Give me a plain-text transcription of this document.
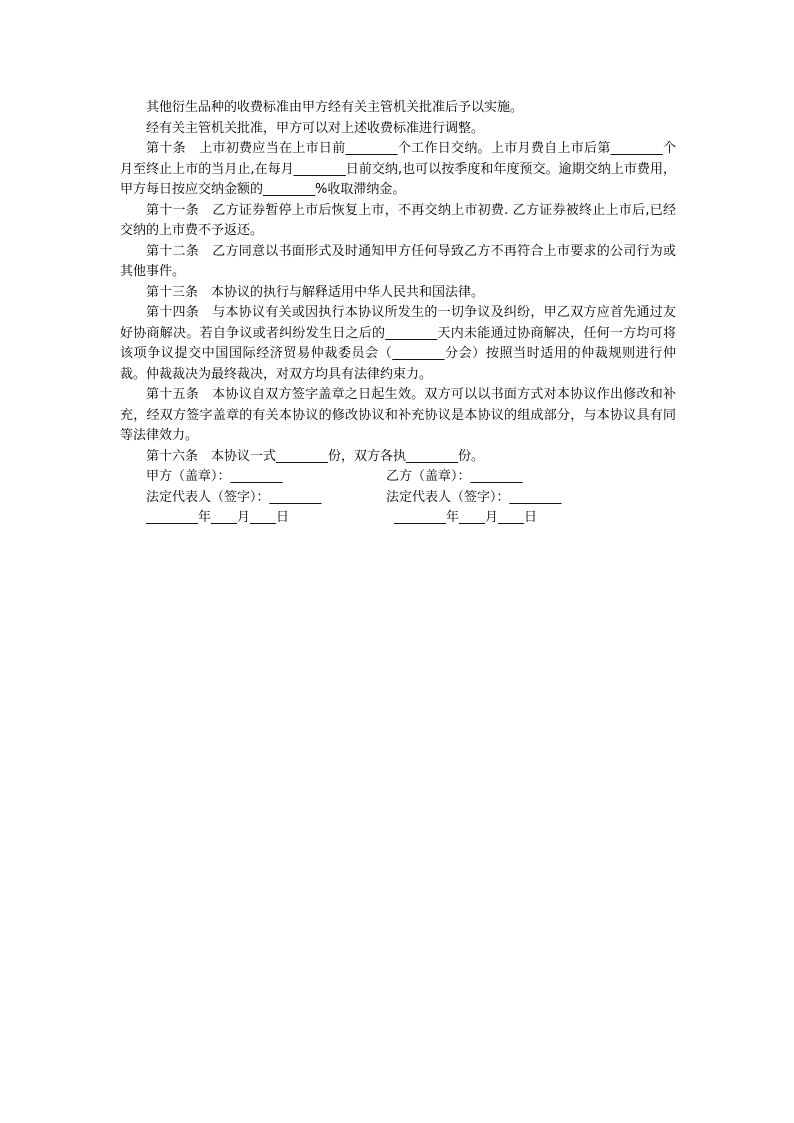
其他衍生品种的收费标准由甲方经有关主管机关批准后予以实施。

经有关主管机关批准，甲方可以对上述收费标准进行调整。

第十条　上市初费应当在上市日前________个工作日交纳。上市月费自上市后第________个月至终止上市的当月止,在每月________日前交纳,也可以按季度和年度预交。逾期交纳上市费用，甲方每日按应交纳金额的________%收取滞纳金。

第十一条　乙方证券暂停上市后恢复上市，不再交纳上市初费. 乙方证券被终止上市后,已经交纳的上市费不予返还。

第十二条　乙方同意以书面形式及时通知甲方任何导致乙方不再符合上市要求的公司行为或其他事件。

第十三条　本协议的执行与解释适用中华人民共和国法律。

第十四条　与本协议有关或因执行本协议所发生的一切争议及纠纷，甲乙双方应首先通过友好协商解决。若自争议或者纠纷发生日之后的________天内未能通过协商解决，任何一方均可将该项争议提交中国国际经济贸易仲裁委员会（________分会）按照当时适用的仲裁规则进行仲裁。仲裁裁决为最终裁决，对双方均具有法律约束力。

第十五条　本协议自双方签字盖章之日起生效。双方可以以书面方式对本协议作出修改和补充，经双方签字盖章的有关本协议的修改协议和补充协议是本协议的组成部分，与本协议具有同等法律效力。

第十六条　本协议一式________份，双方各执________份。

甲方（盖章）：________	乙方（盖章）：________
法定代表人（签字）：________	法定代表人（签字）：________
________年____月____日	________年____月____日
